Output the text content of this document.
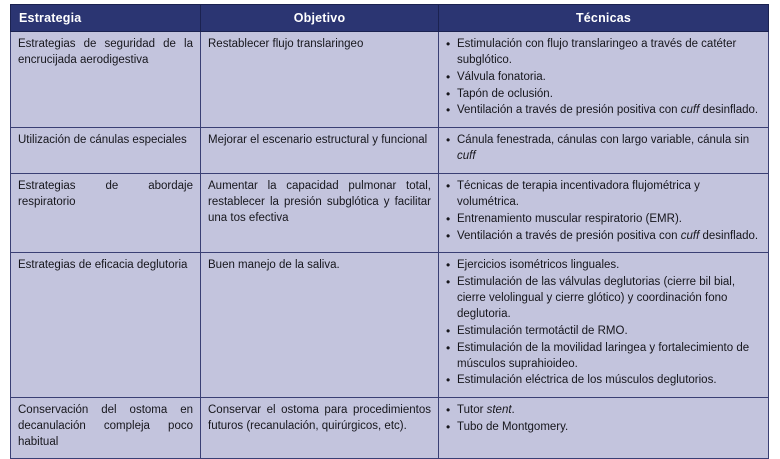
Estrategia	Objetivo	Técnicas
Estrategias de seguridad de la encrucijada aerodigestiva	Restablecer flujo translaringeo	
•Estimulación con flujo translaringeo a través de catéter subglótico.
• Válvula fonatoria.
• Tapón de oclusión.
• Ventilación a través de presión positiva con cuff desinflado.

Utilización de cánulas especiales	Mejorar el escenario estructural y funcional	
•Cánula fenestrada, cánulas con largo variable, cánula sin cuff

Estrategias de abordaje respiratorio	Aumentar la capacidad pulmonar total, restablecer la presión subglótica y facilitar una tos efectiva	
• Técnicas de terapia incentivadora flujométrica y volumétrica.
• Entrenamiento muscular respiratorio (EMR).
• Ventilación a través de presión positiva con cuff desinflado.

Estrategias de eficacia deglutoria	Buen manejo de la saliva.	
•Ejercicios isométricos linguales.
• Estimulación de las válvulas deglutorias (cierre bil bial, cierre velolingual y cierre glótico) y coordinación fono deglutoria.
• Estimulación termotáctil de RMO.
• Estimulación de la movilidad laringea y fortalecimiento de músculos suprahioideo.
• Estimulación eléctrica de los músculos deglutorios.

Conservación del ostoma en decanulación compleja poco habitual	Conservar el ostoma para procedimientos futuros (recanulación, quirúrgicos, etc).	
• Tutor stent.
• Tubo de Montgomery.
